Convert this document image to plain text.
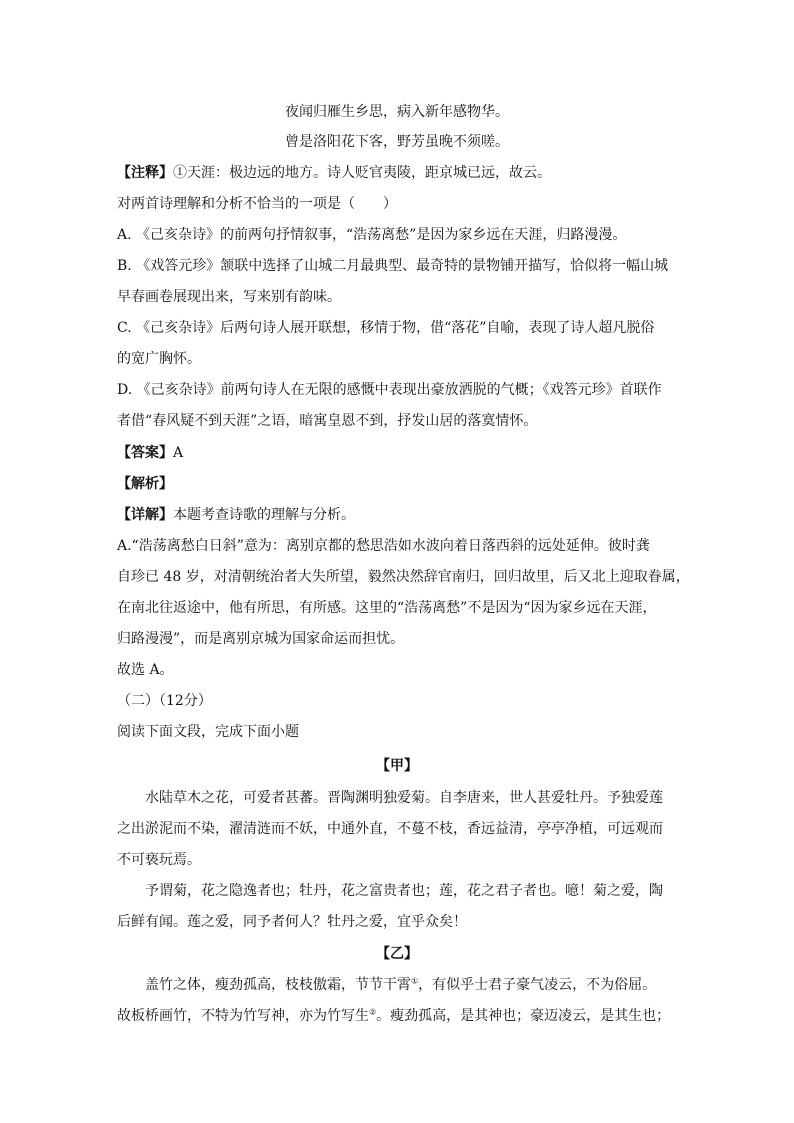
夜闻归雁生乡思，病入新年感物华。
曾是洛阳花下客，野芳虽晚不须嗟。
【注释】①天涯：极边远的地方。诗人贬官夷陵，距京城已远，故云。
对两首诗理解和分析不恰当的一项是（　　）
A. 《己亥杂诗》的前两句抒情叙事，“浩荡离愁”是因为家乡远在天涯，归路漫漫。
B. 《戏答元珍》颔联中选择了山城二月最典型、最奇特的景物铺开描写，恰似将一幅山城
早春画卷展现出来，写来别有韵味。
C. 《己亥杂诗》后两句诗人展开联想，移情于物，借“落花”自喻，表现了诗人超凡脱俗
的宽广胸怀。
D. 《己亥杂诗》前两句诗人在无限的感慨中表现出豪放洒脱的气概；《戏答元珍》首联作
者借“春风疑不到天涯”之语，暗寓皇恩不到，抒发山居的落寞情怀。
【答案】A
【解析】
【详解】本题考查诗歌的理解与分析。
A.“浩荡离愁白日斜”意为：离别京都的愁思浩如水波向着日落西斜的远处延伸。彼时龚
自珍已 48 岁，对清朝统治者大失所望，毅然决然辞官南归，回归故里，后又北上迎取眷属，
在南北往返途中，他有所思，有所感。这里的“浩荡离愁”不是因为“因为家乡远在天涯，
归路漫漫”，而是离别京城为国家命运而担忧。
故选 A。
（二）（12分）
阅读下面文段，完成下面小题
【甲】
水陆草木之花，可爱者甚蕃。晋陶渊明独爱菊。自李唐来，世人甚爱牡丹。予独爱莲
之出淤泥而不染，濯清涟而不妖，中通外直，不蔓不枝，香远益清，亭亭净植，可远观而
不可亵玩焉。
予谓菊，花之隐逸者也；牡丹，花之富贵者也；莲，花之君子者也。噫！菊之爱，陶
后鲜有闻。莲之爱，同予者何人？牡丹之爱，宜乎众矣！
【乙】
盖竹之体，瘦劲孤高，枝枝傲霜，节节干霄①，有似乎士君子豪气凌云，不为俗屈。
故板桥画竹，不特为竹写神，亦为竹写生②。瘦劲孤高，是其神也；豪迈凌云，是其生也；
